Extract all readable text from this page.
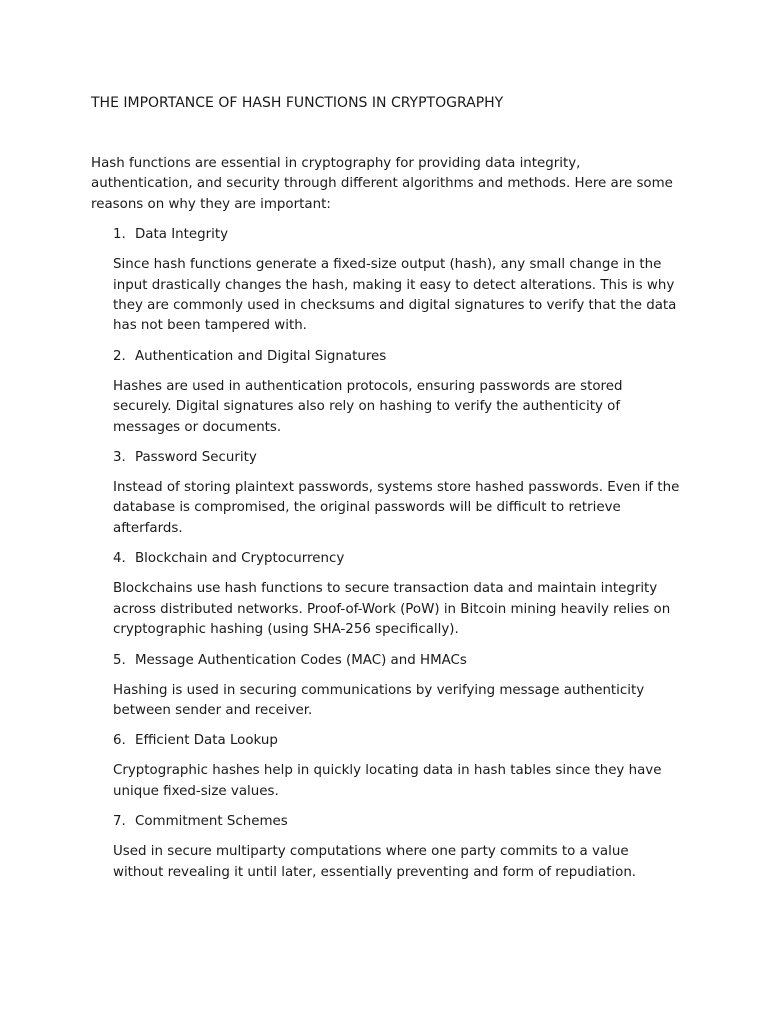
THE IMPORTANCE OF HASH FUNCTIONS IN CRYPTOGRAPHY

Hash functions are essential in cryptography for providing data integrity, authentication, and security through different algorithms and methods. Here are some reasons on why they are important:

1. Data Integrity

Since hash functions generate a fixed-size output (hash), any small change in the input drastically changes the hash, making it easy to detect alterations. This is why they are commonly used in checksums and digital signatures to verify that the data has not been tampered with.

2. Authentication and Digital Signatures

Hashes are used in authentication protocols, ensuring passwords are stored securely. Digital signatures also rely on hashing to verify the authenticity of messages or documents.

3. Password Security

Instead of storing plaintext passwords, systems store hashed passwords. Even if the database is compromised, the original passwords will be difficult to retrieve afterfards.

4. Blockchain and Cryptocurrency

Blockchains use hash functions to secure transaction data and maintain integrity across distributed networks. Proof-of-Work (PoW) in Bitcoin mining heavily relies on cryptographic hashing (using SHA-256 specifically).

5. Message Authentication Codes (MAC) and HMACs

Hashing is used in securing communications by verifying message authenticity between sender and receiver.

6. Efficient Data Lookup

Cryptographic hashes help in quickly locating data in hash tables since they have unique fixed-size values.

7. Commitment Schemes

Used in secure multiparty computations where one party commits to a value without revealing it until later, essentially preventing and form of repudiation.
